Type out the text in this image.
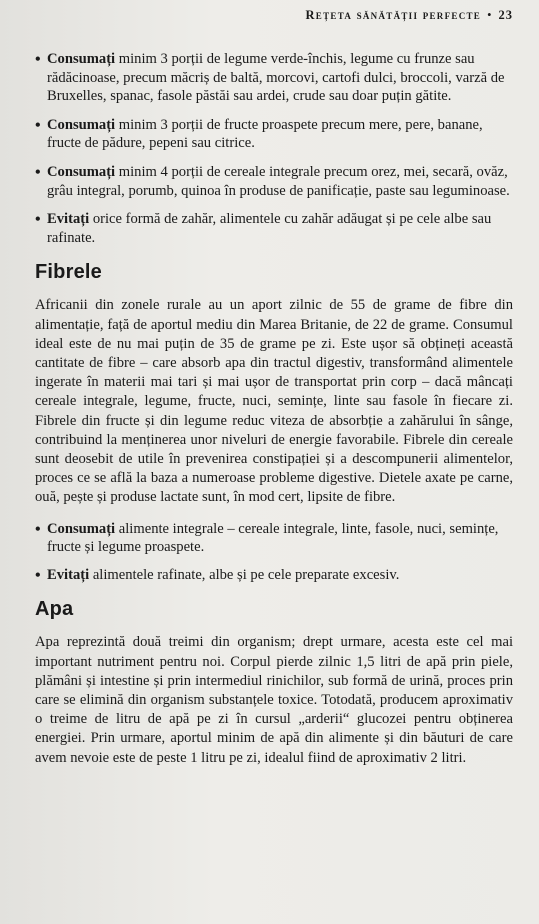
Rețeta sănătății perfecte • 23
• Consumați minim 3 porții de legume verde-închis, legume cu frunze sau rădăcinoase, precum măcriș de baltă, morcovi, cartofi dulci, broccoli, varză de Bruxelles, spanac, fasole păstăi sau ardei, crude sau doar puțin gătite.
• Consumați minim 3 porții de fructe proaspete precum mere, pere, banane, fructe de pădure, pepeni sau citrice.
• Consumați minim 4 porții de cereale integrale precum orez, mei, secară, ovăz, grâu integral, porumb, quinoa în produse de panificație, paste sau leguminoase.
• Evitați orice formă de zahăr, alimentele cu zahăr adăugat și pe cele albe sau rafinate.
Fibrele

Africanii din zonele rurale au un aport zilnic de 55 de grame de fibre din alimentație, față de aportul mediu din Marea Britanie, de 22 de grame. Consumul ideal este de nu mai puțin de 35 de grame pe zi. Este ușor să obțineți această cantitate de fibre – care absorb apa din tractul digestiv, transformând alimentele ingerate în materii mai tari și mai ușor de transportat prin corp – dacă mâncați cereale integrale, legume, fructe, nuci, semințe, linte sau fasole în fiecare zi. Fibrele din fructe și din legume reduc viteza de absorbție a zahărului în sânge, contribuind la menținerea unor niveluri de energie favorabile. Fibrele din cereale sunt deosebit de utile în prevenirea constipației și a descompunerii alimentelor, proces ce se află la baza a numeroase probleme digestive. Dietele axate pe carne, ouă, pește și produse lactate sunt, în mod cert, lipsite de fibre.

• Consumați alimente integrale – cereale integrale, linte, fasole, nuci, semințe, fructe și legume proaspete.
• Evitați alimentele rafinate, albe și pe cele preparate excesiv.
Apa

Apa reprezintă două treimi din organism; drept urmare, acesta este cel mai important nutriment pentru noi. Corpul pierde zilnic 1,5 litri de apă prin piele, plămâni și intestine și prin intermediul rinichilor, sub formă de urină, proces prin care se elimină din organism substanțele toxice. Totodată, producem aproximativ o treime de litru de apă pe zi în cursul „arderii“ glucozei pentru obținerea energiei. Prin urmare, aportul minim de apă din alimente și din băuturi de care avem nevoie este de peste 1 litru pe zi, idealul fiind de aproximativ 2 litri.
